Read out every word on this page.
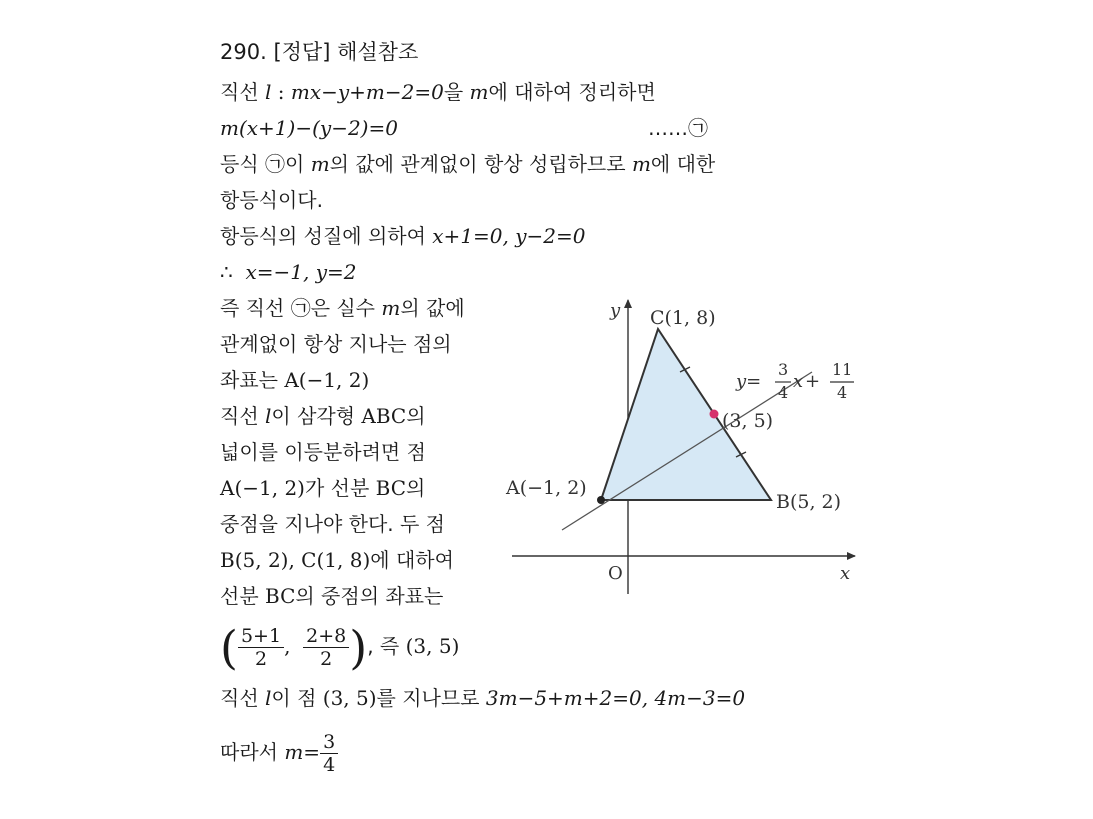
290. [정답] 해설참조
직선 l : mx−y+m−2=0을 m에 대하여 정리하면
m(x+1)−(y−2)=0	……㉠
등식 ㉠이 m의 값에 관계없이 항상 성립하므로 m에 대한
항등식이다.
항등식의 성질에 의하여 x+1=0, y−2=0
∴ x=−1, y=2
즉 직선 ㉠은 실수 m의 값에
관계없이 항상 지나는 점의
좌표는 A(−1, 2)
직선 l이 삼각형 ABC의
넓이를 이등분하려면 점
A(−1, 2)가 선분 BC의
중점을 지나야 한다. 두 점
B(5, 2), C(1, 8)에 대하여
선분 BC의 중점의 좌표는
( $\frac{5+1}{2}$ , $\frac{2+8}{2}$ ), 즉 (3, 5)
직선 l이 점 (3, 5)를 지나므로 3m−5+m+2=0, 4m−3=0
따라서 $m= \frac{3}{4}$
y
x
O
C(1, 8)
A(−1, 2)
B(5, 2)
(3, 5)
y=
3
4
x +
11
4
